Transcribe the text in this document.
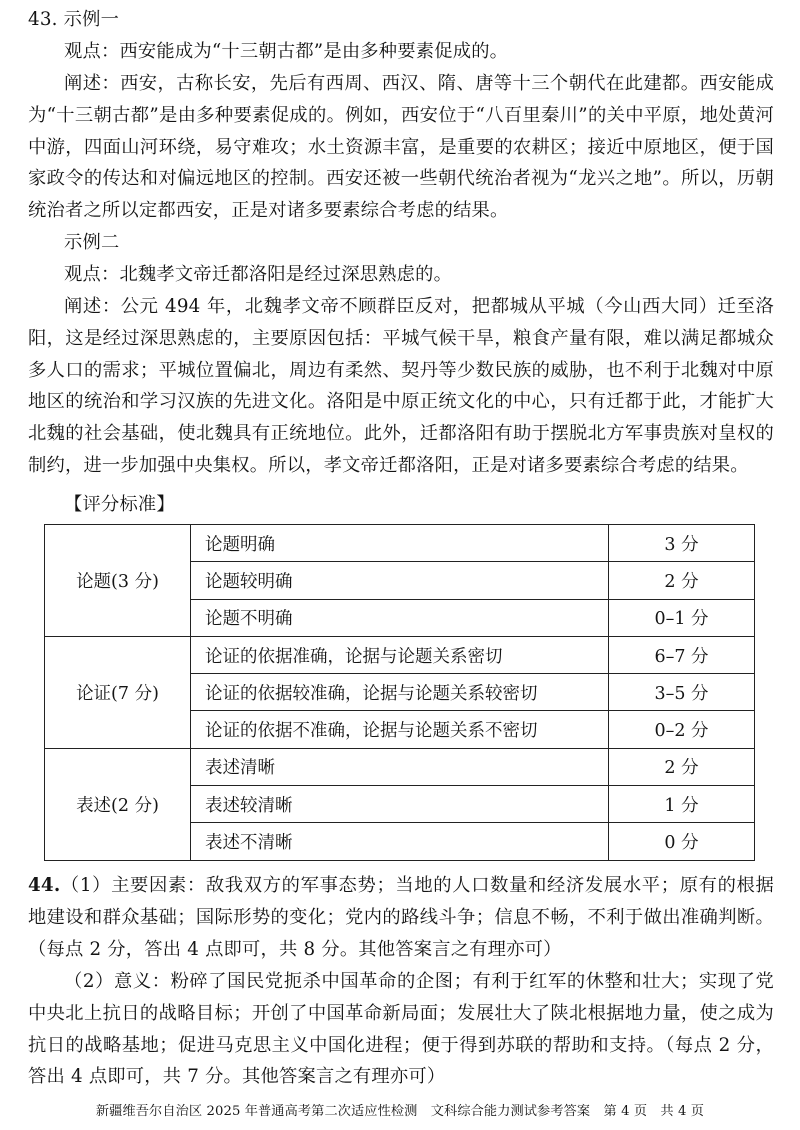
43. 示例一
观点：西安能成为“十三朝古都”是由多种要素促成的。
阐述：西安，古称长安，先后有西周、西汉、隋、唐等十三个朝代在此建都。西安能成为“十三朝古都”是由多种要素促成的。例如，西安位于“八百里秦川”的关中平原，地处黄河中游，四面山河环绕，易守难攻；水土资源丰富，是重要的农耕区；接近中原地区，便于国家政令的传达和对偏远地区的控制。西安还被一些朝代统治者视为“龙兴之地”。所以，历朝统治者之所以定都西安，正是对诸多要素综合考虑的结果。
示例二
观点：北魏孝文帝迁都洛阳是经过深思熟虑的。
阐述：公元 494 年，北魏孝文帝不顾群臣反对，把都城从平城（今山西大同）迁至洛阳，这是经过深思熟虑的，主要原因包括：平城气候干旱，粮食产量有限，难以满足都城众多人口的需求；平城位置偏北，周边有柔然、契丹等少数民族的威胁，也不利于北魏对中原地区的统治和学习汉族的先进文化。洛阳是中原正统文化的中心，只有迁都于此，才能扩大北魏的社会基础，使北魏具有正统地位。此外，迁都洛阳有助于摆脱北方军事贵族对皇权的制约，进一步加强中央集权。所以，孝文帝迁都洛阳，正是对诸多要素综合考虑的结果。
【评分标准】
论题(3 分)	论题明确	3 分
	论题较明确	2 分
	论题不明确	0–1 分
论证(7 分)	论证的依据准确，论据与论题关系密切	6–7 分
	论证的依据较准确，论据与论题关系较密切	3–5 分
	论证的依据不准确，论据与论题关系不密切	0–2 分
表述(2 分)	表述清晰	2 分
	表述较清晰	1 分
	表述不清晰	0 分
44.（1）主要因素：敌我双方的军事态势；当地的人口数量和经济发展水平；原有的根据地建设和群众基础；国际形势的变化；党内的路线斗争；信息不畅，不利于做出准确判断。（每点 2 分，答出 4 点即可，共 8 分。其他答案言之有理亦可）
（2）意义：粉碎了国民党扼杀中国革命的企图；有利于红军的休整和壮大；实现了党中央北上抗日的战略目标；开创了中国革命新局面；发展壮大了陕北根据地力量，使之成为抗日的战略基地；促进马克思主义中国化进程；便于得到苏联的帮助和支持。（每点 2 分，答出 4 点即可，共 7 分。其他答案言之有理亦可）
新疆维吾尔自治区 2025 年普通高考第二次适应性检测　文科综合能力测试参考答案　第 4 页　共 4 页
